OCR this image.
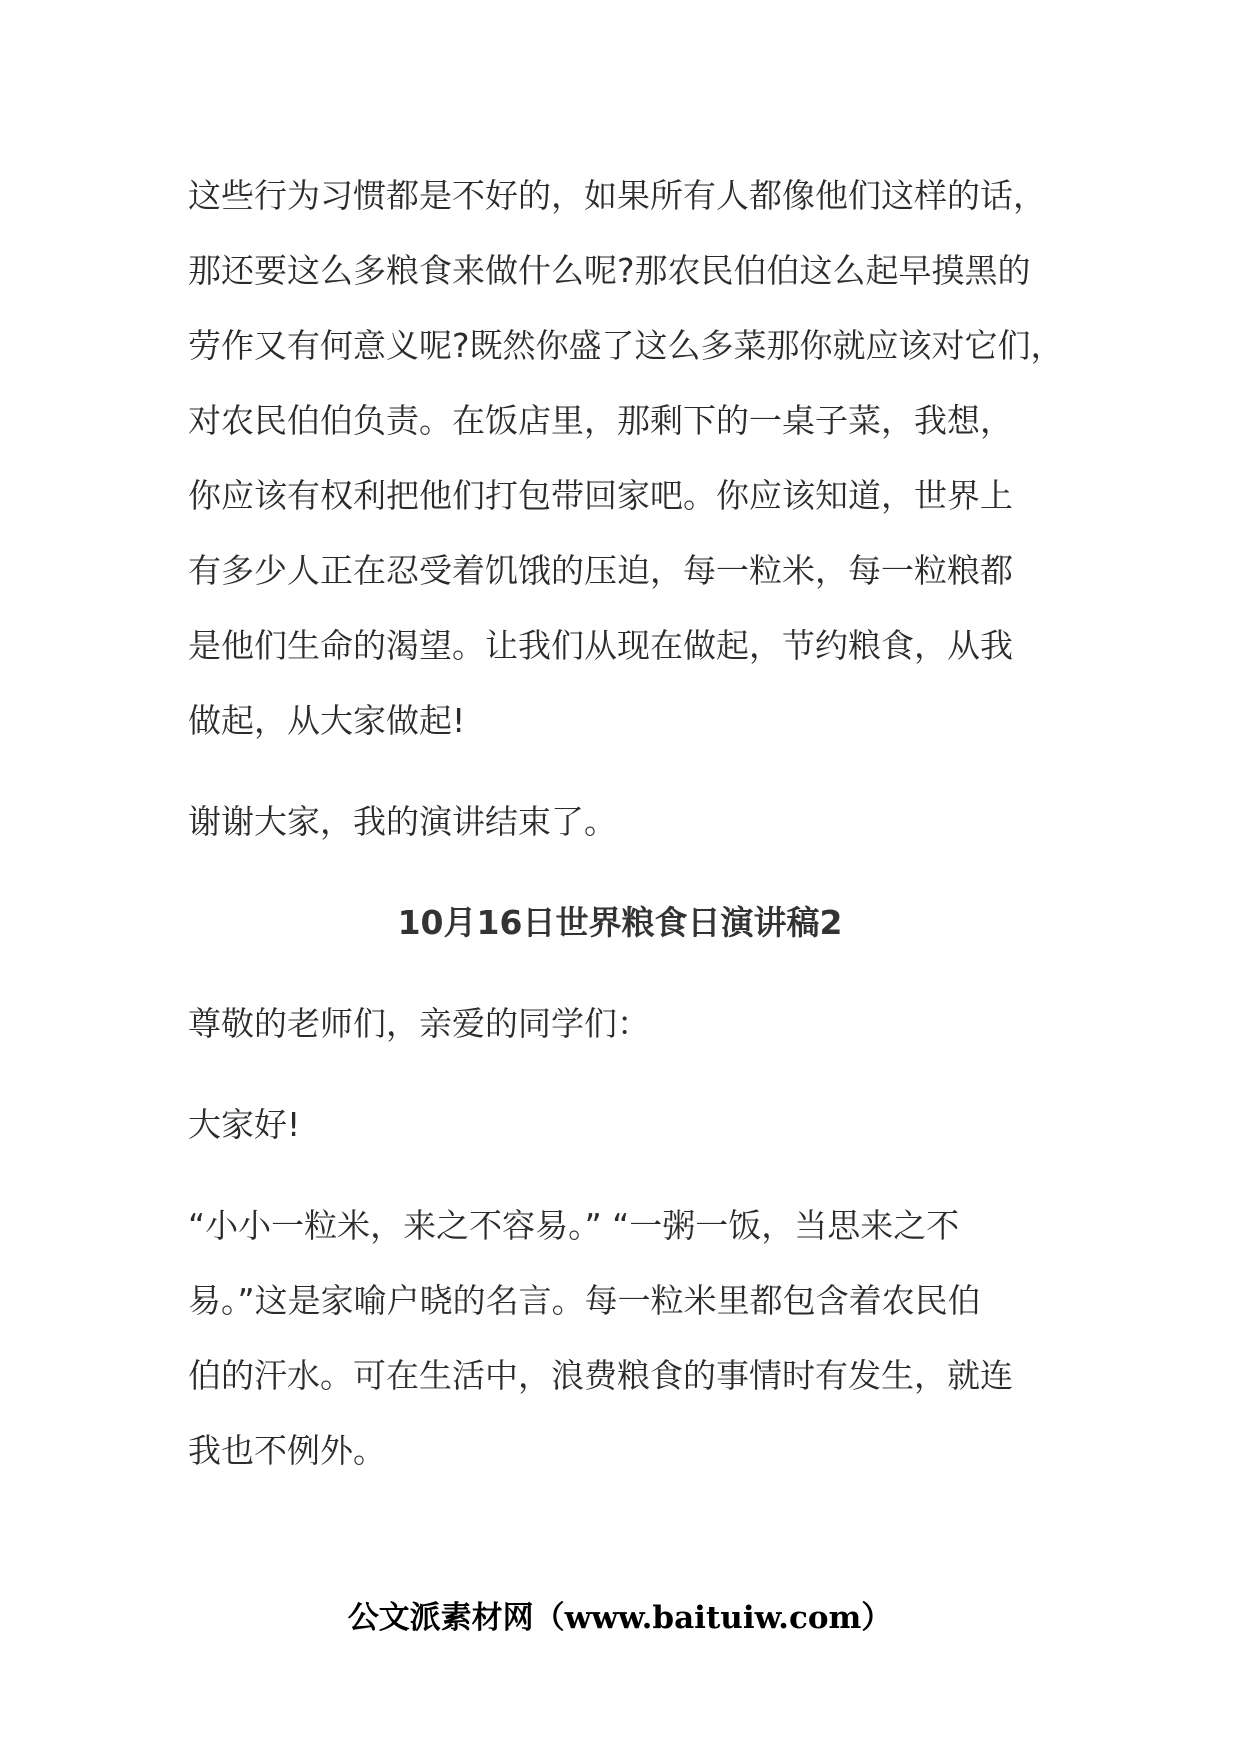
这些行为习惯都是不好的，如果所有人都像他们这样的话，
那还要这么多粮食来做什么呢?那农民伯伯这么起早摸黑的
劳作又有何意义呢?既然你盛了这么多菜那你就应该对它们，
对农民伯伯负责。在饭店里，那剩下的一桌子菜，我想，
你应该有权利把他们打包带回家吧。你应该知道，世界上
有多少人正在忍受着饥饿的压迫，每一粒米，每一粒粮都
是他们生命的渴望。让我们从现在做起，节约粮食，从我
做起，从大家做起!
谢谢大家，我的演讲结束了。
10月16日世界粮食日演讲稿2
尊敬的老师们，亲爱的同学们：
大家好!
“小小一粒米，来之不容易。” “一粥一饭，当思来之不
易。”这是家喻户晓的名言。每一粒米里都包含着农民伯
伯的汗水。可在生活中，浪费粮食的事情时有发生，就连
我也不例外。
公文派素材网（www.baituiw.com）
